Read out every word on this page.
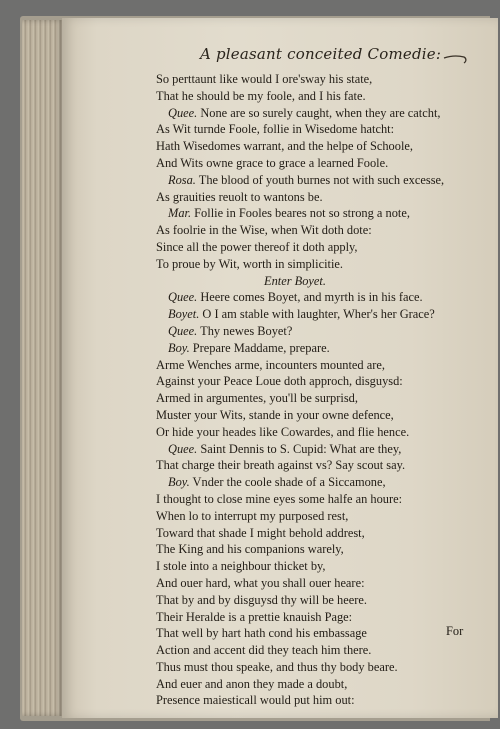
A pleasant conceited Comedie:
So perttaunt like would I ore'sway his state,
That he should be my foole, and I his fate.
Quee. None are so surely caught, when they are catcht,
As Wit turnde Foole, follie in Wisedome hatcht:
Hath Wisedomes warrant, and the helpe of Schoole,
And Wits owne grace to grace a learned Foole.
Rosa. The blood of youth burnes not with such excesse,
As grauities reuolt to wantons be.
Mar. Follie in Fooles beares not so strong a note,
As foolrie in the Wise, when Wit doth dote:
Since all the power thereof it doth apply,
To proue by Wit, worth in simplicitie.
Enter Boyet.
Quee. Heere comes Boyet, and myrth is in his face.
Boyet. O I am stable with laughter, Wher's her Grace?
Quee. Thy newes Boyet?
Boy. Prepare Maddame, prepare.
Arme Wenches arme, incounters mounted are,
Against your Peace Loue doth approch, disguysd:
Armed in argumentes, you'll be surprisd,
Muster your Wits, stande in your owne defence,
Or hide your heades like Cowardes, and flie hence.
Quee. Saint Dennis to S. Cupid: What are they,
That charge their breath against vs? Say scout say.
Boy. Vnder the coole shade of a Siccamone,
I thought to close mine eyes some halfe an houre:
When lo to interrupt my purposed rest,
Toward that shade I might behold addrest,
The King and his companions warely,
I stole into a neighbour thicket by,
And ouer hard, what you shall ouer heare:
That by and by disguysd thy will be heere.
Their Heralde is a prettie knauish Page:
That well by hart hath cond his embassage
Action and accent did they teach him there.
Thus must thou speake, and thus thy body beare.
And euer and anon they made a doubt,
Presence maiesticall would put him out:
For
